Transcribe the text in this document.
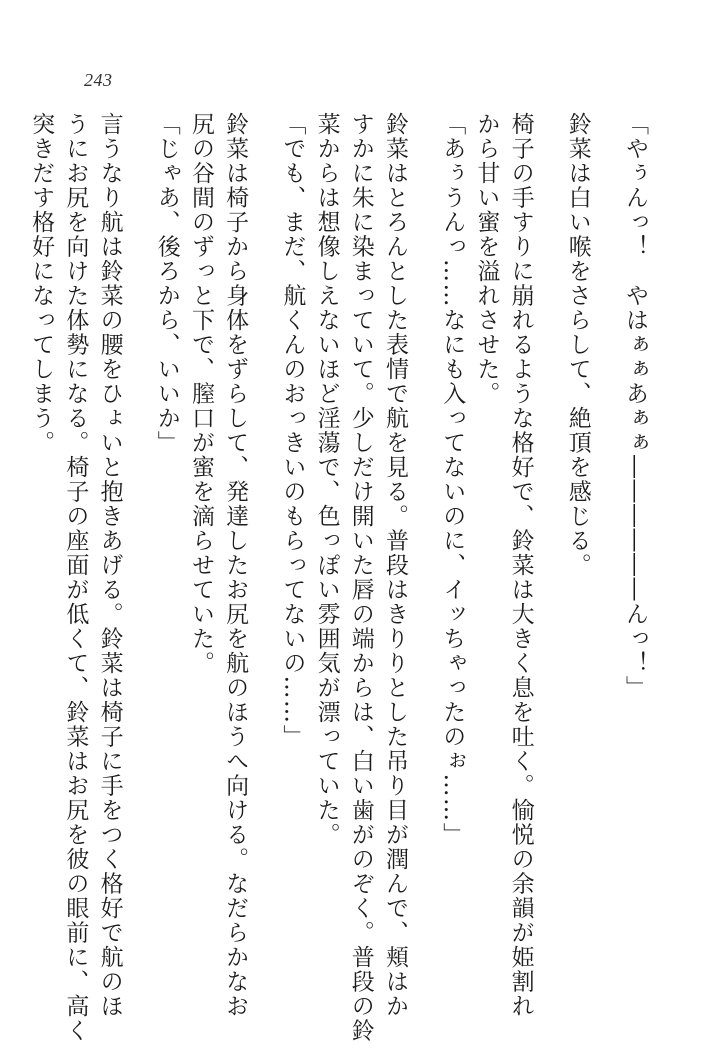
243
「やぅんっ！　やはぁぁあぁぁ――――――んっ！」
鈴菜は白い喉をさらして、絶頂を感じる。
椅子の手すりに崩れるような格好で、鈴菜は大きく息を吐く。愉悦の余韻が姫割れ
から甘い蜜を溢れさせた。
「あぅうんっ……なにも入ってないのに、イッちゃったのぉ……」
鈴菜はとろんとした表情で航を見る。普段はきりりとした吊り目が潤んで、頬はか
すかに朱に染まっていて。少しだけ開いた唇の端からは、白い歯がのぞく。普段の鈴
菜からは想像しえないほど淫蕩で、色っぽい雰囲気が漂っていた。
「でも、まだ、航くんのおっきいのもらってないの……」
鈴菜は椅子から身体をずらして、発達したお尻を航のほうへ向ける。なだらかなお
尻の谷間のずっと下で、膣口が蜜を滴らせていた。
「じゃあ、後ろから、いいか」
言うなり航は鈴菜の腰をひょいと抱きあげる。鈴菜は椅子に手をつく格好で航のほ
うにお尻を向けた体勢になる。椅子の座面が低くて、鈴菜はお尻を彼の眼前に、高く
突きだす格好になってしまう。
